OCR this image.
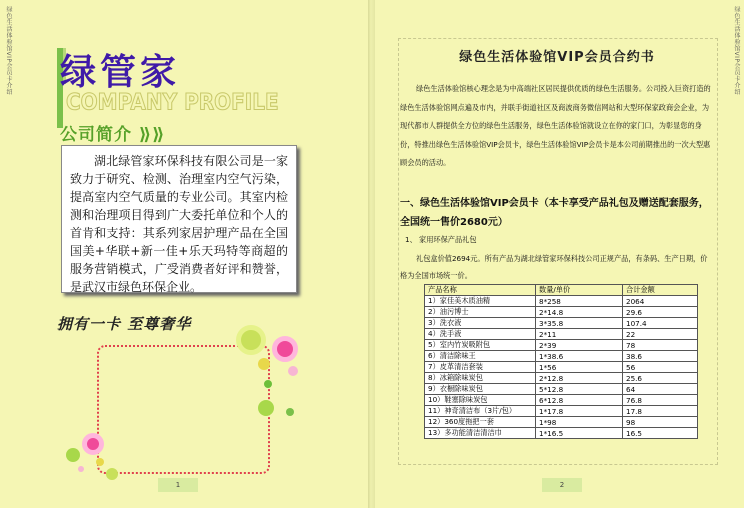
绿色生活体验馆VIP会员卡介绍 绿管家
COMPANY PROFILE
公司简介 ⟫⟫

湖北绿管家环保科技有限公司是一家致力于研究、检测、治理室内空气污染，提高室内空气质量的专业公司。其室内检测和治理项目得到广大委托单位和个人的首肯和支持：其系列家居护理产品在全国国美+华联+新一佳+乐天玛特等商超的服务营销模式，广受消费者好评和赞誉，是武汉市绿色环保企业。

拥有一卡 至尊奢华
1
绿色生活体验馆VIP会员卡介绍
绿色生活体验馆VIP会员合约书

绿色生活体验馆核心理念是为中高端社区居民提供优质的绿色生活服务。公司投入巨资打造的绿色生活体验馆网点遍及市内，并联手街道社区及商波商务微信网站和大型环保家政商会企业，为现代都市人群提供全方位的绿色生活服务，绿色生活体验馆就设立在你的家门口，为彰显您的身份，特推出绿色生活体验馆VIP会员卡，绿色生活体验馆VIP会员卡是本公司前期推出的一次大型惠顾会员的活动。

一、绿色生活体验馆VIP会员卡（本卡享受产品礼包及赠送配套服务，全国统一售价2680元）
1、 家用环保产品礼包

礼包盒价值2694元。所有产品为湖北绿管家环保科技公司正规产品，有条码、生产日期，价格为全国市场统一价。

产品名称	数量/单价	合计金额
1）家佳美木质油精	8*258	2064
2）油污博士	2*14.8	29.6
3）洗衣液	3*35.8	107.4
4）洗手液	2*11	22
5）室内竹炭吸附包	2*39	78
6）清洁除味王	1*38.6	38.6
7）皮革清洁套装	1*56	56
8）冰箱除味炭包	2*12.8	25.6
9）衣橱除味炭包	5*12.8	64
10）鞋塞除味炭包	6*12.8	76.8
11）神奇清洁布（3片/包）	1*17.8	17.8
12）360度拖把一套	1*98	98
13）多功能清洁清洁巾	1*16.5	16.5
2
